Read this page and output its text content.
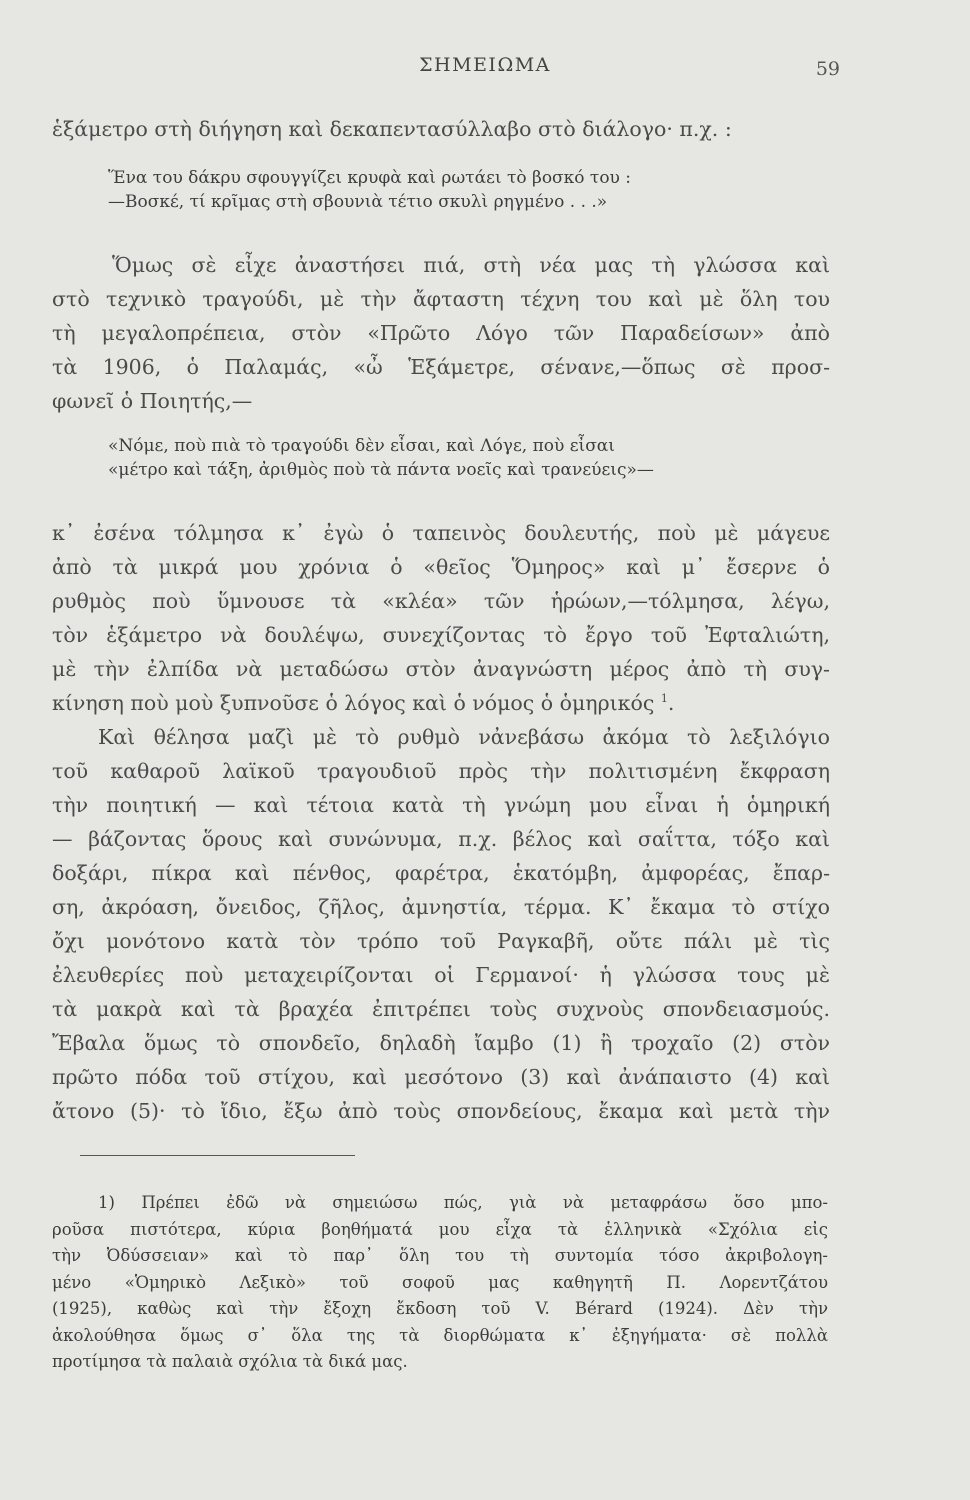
ΣΗΜΕΙΩΜΑ	59
ἑξάμετρο στὴ διήγηση καὶ δεκαπεντασύλλαβο στὸ διάλογο· π.χ. :
Ἕνα του δάκρυ σφουγγίζει κρυφὰ καὶ ρωτάει τὸ βοσκό του :
—Βοσκέ, τί κρῖμας στὴ σβουνιὰ τέτιο σκυλὶ ρηγμένο . . .»
Ὅμως σὲ εἶχε ἀναστήσει πιά, στὴ νέα μας τὴ γλώσσα καὶ
στὸ τεχνικὸ τραγούδι, μὲ τὴν ἄφταστη τέχνη του καὶ μὲ ὅλη του
τὴ μεγαλοπρέπεια, στὸν «Πρῶτο Λόγο τῶν Παραδείσων» ἀπὸ
τὰ 1906, ὁ Παλαμάς, «ὦ Ἑξάμετρε, σένανε,—ὅπως σὲ προσ-
φωνεῖ ὁ Ποιητής,—
«Νόμε, ποὺ πιὰ τὸ τραγούδι δὲν εἶσαι, καὶ Λόγε, ποὺ εἶσαι
«μέτρο καὶ τάξη, ἀριθμὸς ποὺ τὰ πάντα νοεῖς καὶ τρανεύεις»—
κ᾿ ἐσένα τόλμησα κ᾿ ἐγὼ ὁ ταπεινὸς δουλευτής, ποὺ μὲ μάγευε
ἀπὸ τὰ μικρά μου χρόνια ὁ «θεῖος Ὅμηρος» καὶ μ᾿ ἔσερνε ὁ
ρυθμὸς ποὺ ὕμνουσε τὰ «κλέα» τῶν ἡρώων,—τόλμησα, λέγω,
τὸν ἑξάμετρο νὰ δουλέψω, συνεχίζοντας τὸ ἔργο τοῦ Ἐφταλιώτη,
μὲ τὴν ἐλπίδα νὰ μεταδώσω στὸν ἀναγνώστη μέρος ἀπὸ τὴ συγ-
κίνηση ποὺ μοὺ ξυπνοῦσε ὁ λόγος καὶ ὁ νόμος ὁ ὁμηρικός $^1$.
Καὶ θέλησα μαζὶ μὲ τὸ ρυθμὸ νἀνεβάσω ἀκόμα τὸ λεξιλόγιο
τοῦ καθαροῦ λαϊκοῦ τραγουδιοῦ πρὸς τὴν πολιτισμένη ἔκφραση
τὴν ποιητική — καὶ τέτοια κατὰ τὴ γνώμη μου εἶναι ἡ ὁμηρική
— βάζοντας ὅρους καὶ συνώνυμα, π.χ. βέλος καὶ σαΐττα, τόξο καὶ
δοξάρι, πίκρα καὶ πένθος, φαρέτρα, ἑκατόμβη, ἀμφορέας, ἔπαρ-
ση, ἀκρόαση, ὄνειδος, ζῆλος, ἀμνηστία, τέρμα. Κ᾿ ἔκαμα τὸ στίχο
ὄχι μονότονο κατὰ τὸν τρόπο τοῦ Ραγκαβῆ, οὔτε πάλι μὲ τὶς
ἐλευθερίες ποὺ μεταχειρίζονται οἱ Γερμανοί· ἡ γλώσσα τους μὲ
τὰ μακρὰ καὶ τὰ βραχέα ἐπιτρέπει τοὺς συχνοὺς σπονδειασμούς.
Ἔβαλα ὅμως τὸ σπονδεῖο, δηλαδὴ ἴαμβο (1) ἢ τροχαῖο (2) στὸν
πρῶτο πόδα τοῦ στίχου, καὶ μεσότονο (3) καὶ ἀνάπαιστο (4) καὶ
ἄτονο (5)· τὸ ἴδιο, ἔξω ἀπὸ τοὺς σπονδείους, ἔκαμα καὶ μετὰ τὴν
1) Πρέπει ἐδῶ νὰ σημειώσω πώς, γιὰ νὰ μεταφράσω ὅσο μπο-
ροῦσα πιστότερα, κύρια βοηθήματά μου εἶχα τὰ ἑλληνικὰ «Σχόλια εἰς
τὴν Ὀδύσσειαν» καὶ τὸ παρ᾿ ὅλη του τὴ συντομία τόσο ἀκριβολογη-
μένο «Ὁμηρικὸ Λεξικὸ» τοῦ σοφοῦ μας καθηγητῆ Π. Λορεντζάτου
(1925), καθὼς καὶ τὴν ἔξοχη ἔκδοση τοῦ V. Bérard (1924). Δὲν τὴν
ἀκολούθησα ὅμως σ᾿ ὅλα της τὰ διορθώματα κ᾿ ἐξηγήματα· σὲ πολλὰ
προτίμησα τὰ παλαιὰ σχόλια τὰ δικά μας.
